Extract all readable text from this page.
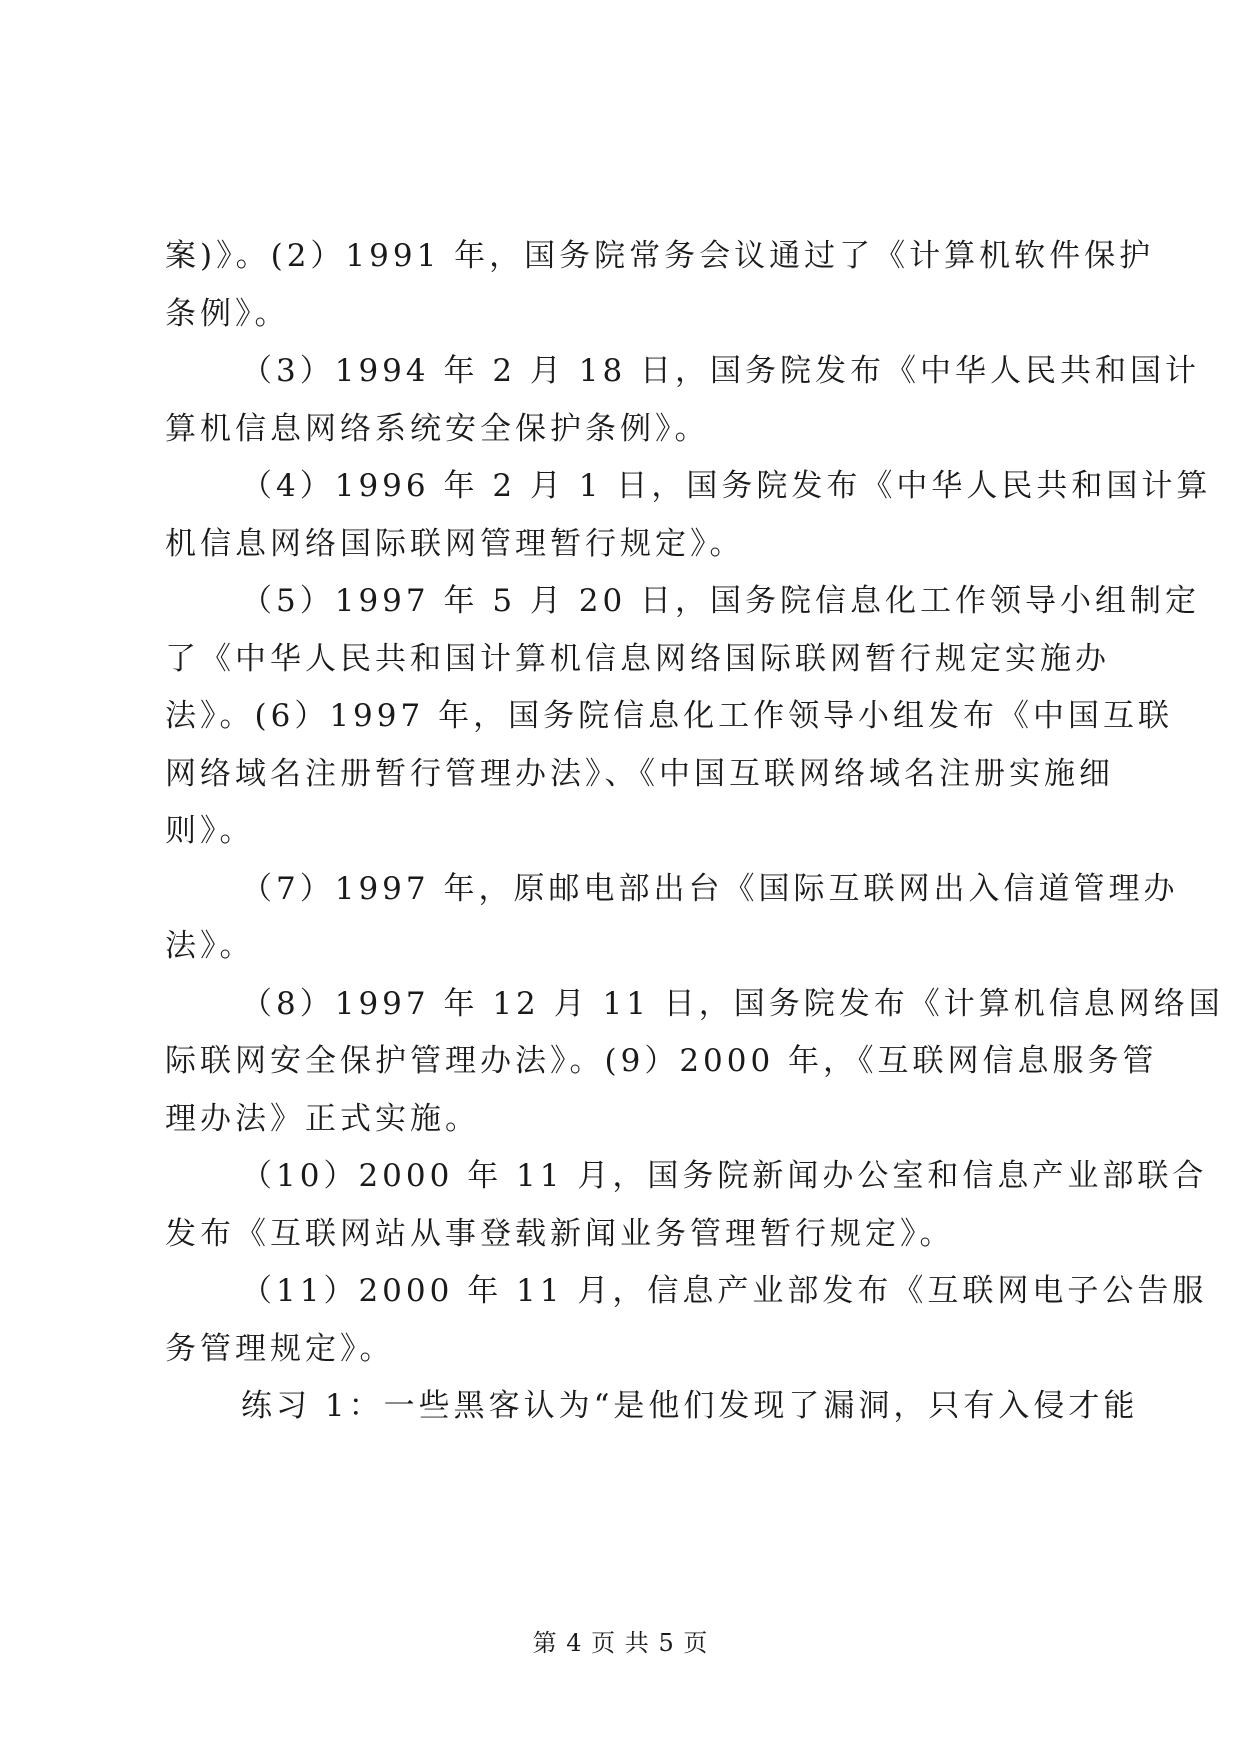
案)》。(2）1991 年，国务院常务会议通过了《计算机软件保护
条例》。
（3）1994 年 2 月 18 日，国务院发布《中华人民共和国计
算机信息网络系统安全保护条例》。
（4）1996 年 2 月 1 日，国务院发布《中华人民共和国计算
机信息网络国际联网管理暂行规定》。
（5）1997 年 5 月 20 日，国务院信息化工作领导小组制定
了《中华人民共和国计算机信息网络国际联网暂行规定实施办
法》。(6）1997 年，国务院信息化工作领导小组发布《中国互联
网络域名注册暂行管理办法》、《中国互联网络域名注册实施细
则》。
（7）1997 年，原邮电部出台《国际互联网出入信道管理办
法》。
（8）1997 年 12 月 11 日，国务院发布《计算机信息网络国
际联网安全保护管理办法》。(9）2000 年，《互联网信息服务管
理办法》正式实施。
（10）2000 年 11 月，国务院新闻办公室和信息产业部联合
发布《互联网站从事登载新闻业务管理暂行规定》。
（11）2000 年 11 月，信息产业部发布《互联网电子公告服
务管理规定》。
练习 1：一些黑客认为“是他们发现了漏洞，只有入侵才能
第 4 页 共 5 页
